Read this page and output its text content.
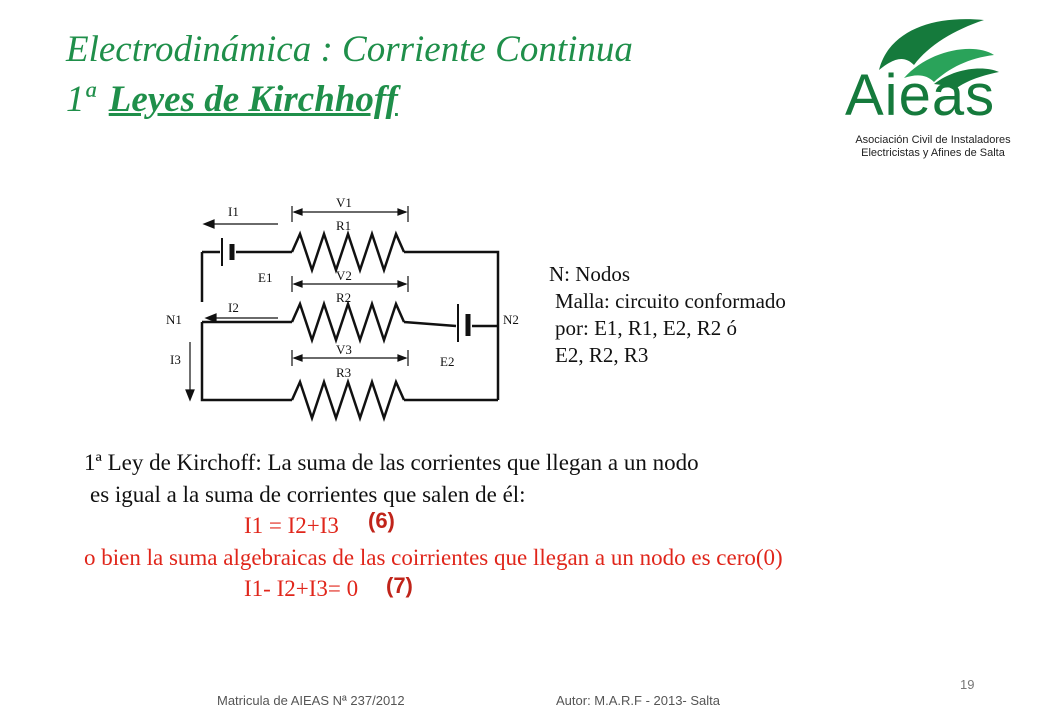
Electrodinámica : Corriente Continua
1ª Leyes de Kirchhoff	Aieas
Asociación Civil de Instaladores
Electricistas y Afines de Salta
I1
V1
R1
E1	V2
R2
N1
I2
N2
I3	E2
V3
R3
N: Nodos
Malla: circuito conformado
por: E1, R1, E2, R2 ó
E2, R2, R3
1ª Ley de Kirchoff: La suma de las corrientes que llegan a un nodo
es igual a la suma de corrientes que salen de él:
I1 = I2+I3 (6)
o bien la suma algebraicas de las coirrientes que llegan a un nodo es cero(0)
I1- I2+I3= 0 (7)
19
Matricula de AIEAS Nª 237/2012	Autor: M.A.R.F - 2013- Salta
